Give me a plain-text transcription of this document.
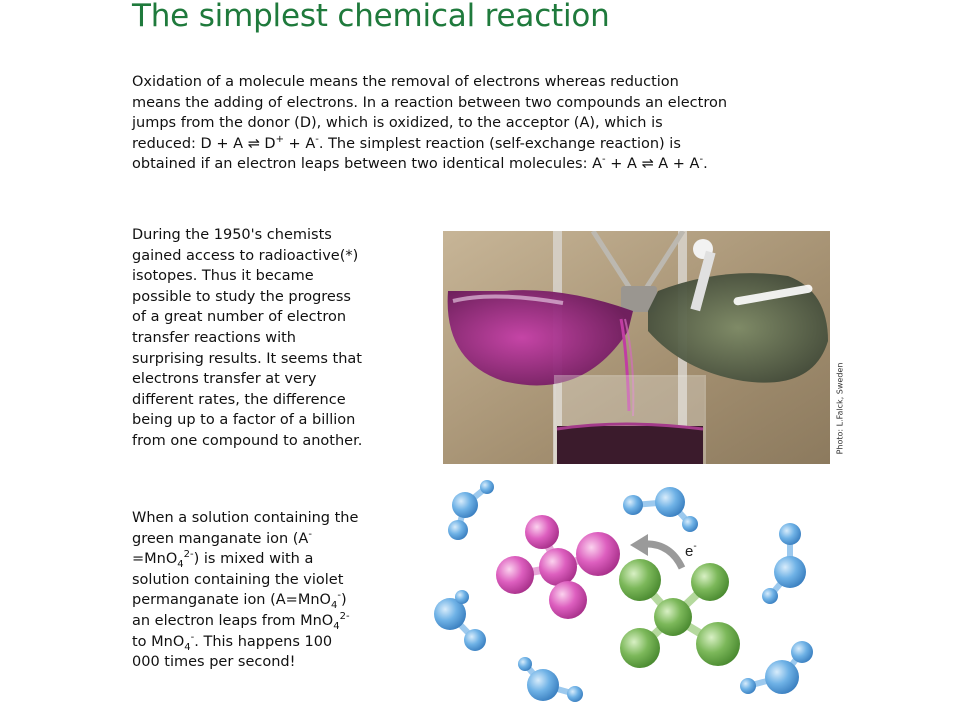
The simplest chemical reaction
Oxidation of a molecule means the removal of electrons whereas reduction
means the adding of electrons. In a reaction between two compounds an electron
jumps from the donor (D), which is oxidized, to the acceptor (A), which is
reduced: D + A ⇌ D+ + A-. The simplest reaction (self-exchange reaction) is
obtained if an electron leaps between two identical molecules: A- + A ⇌ A + A-.
During the 1950's chemists
gained access to radioactive(*)
isotopes. Thus it became
possible to study the progress
of a great number of electron
transfer reactions with
surprising results. It seems that
electrons transfer at very
different rates, the difference
being up to a factor of a billion
from one compound to another.	Photo: L.Falck, Sweden
When a solution containing the
green manganate ion (A-
=MnO$_4^{2-}$) is mixed with a
solution containing the violet
permanganate ion (A=MnO$_4$-)
an electron leaps from MnO$_4^{2-}$
to MnO$_4$-. This happens 100
000 times per second!
e-
